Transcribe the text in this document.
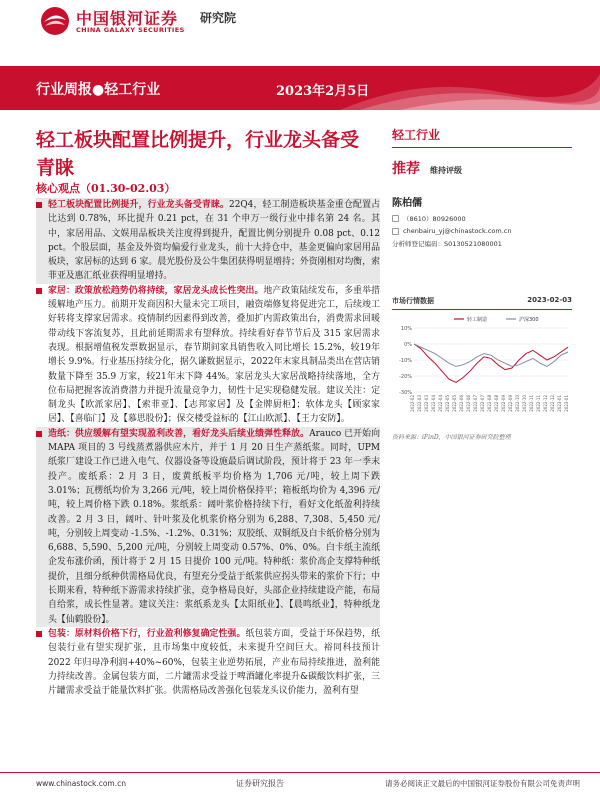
中国银河证券
CHINA GALAXY SECURITIES
研究院
行业周报●轻工行业	2023年2月5日
轻工板块配置比例提升，行业龙头备受青睐
核心观点（01.30-02.03）
轻工板块配置比例提升，行业龙头备受青睐。22Q4，轻工制造板块基金重仓配置占比达到 0.78%，环比提升 0.21 pct，在 31 个申万一级行业中排名第 24 名。其中，家居用品、文娱用品板块关注度得到提升，配置比例分别提升 0.08 pct、0.12 pct。个股层面，基金及外资均偏爱行业龙头，前十大持仓中，基金更偏向家居用品板块，家居标的达到 6 家。晨光股份及公牛集团获得明显增持；外资刚相对均衡，索菲亚及惠汇纸业获得明显增持。
家居：政策放松趋势仍将持续，家居龙头成长性突出。地产政策陆续发布，多重举措缓解地产压力。前期开发商因积大量未完工项目，融资端修复将促进完工，后续竣工好转将支撑家居需求。疫情制约因素得到改善，叠加扩内需政策出台，消费需求回暖带动线下客流复苏，且此前延期需求有望释放。持续看好春节节后及 315 家居需求表现。根据增值税发票数据显示，春节期间家具销售收入同比增长 15.2%，较19年增长 9.9%。行业基压持续分化，据久谦数据显示，2022年末家具制品类出在营店销数量下降至 35.9 万家，较21年末下降 44%。家居龙头大家居战略持续落地，全方位布局把握客流消费潜力并提升流量竞争力，韧性十足实现稳健发展。建议关注：定制龙头【欧派家居】、【索菲亚】、【志邦家居】及【金牌厨柜】；软体龙头【顾家家居】、【喜临门】及【慕思股份】；保交楼受益标的【江山欧派】、【王力安防】。
造纸：供应缓解有望实现盈利改善，看好龙头后续业绩弹性释放。Arauco 已开始向 MAPA 项目的 3 号线蒸煮器供应木片，并于 1 月 20 日生产蒸纸浆。同时，UPM 纸浆厂建设工作已进入电气、仪器设备等设施最后调试阶段，预计将于 23 年一季末投产。废纸系：2 月 3 日，废黄纸板平均价格为 1,706 元/吨，较上周下跌 3.01%；瓦楞纸均价为 3,266 元/吨，较上周价格保持平；箱板纸均价为 4,396 元/吨，较上周价格下跌 0.18%。浆纸系：阔叶浆价格持续下行，看好文化纸盈利持续改善。2 月 3 日，阔叶、针叶浆及化机浆价格分别为 6,288、7,308、5,450 元/吨，分别较上周变动 -1.5%、-1.2%、0.31%；双胶纸、双铜纸及白卡纸价格分别为 6,688、5,590、5,200 元/吨，分别较上周变动 0.57%、0%、0%。白卡纸主流纸企发布涨价函，预计将于 2 月 15 日提价 100 元/吨。特种纸：浆价高企支撑特种纸提价，且细分纸种供需格局优良，有望充分受益于纸浆供应拐头带来的浆价下行；中长期来看，特种纸下游需求持续扩张，竞争格局良好，头部企业持续建设产能，布局自给浆，成长性显著。建议关注：浆纸系龙头【太阳纸业】、【晨鸣纸业】，特种纸龙头【仙鹤股份】。
包装：原材料价格下行，行业盈利修复确定性强。纸包装方面，受益于环保趋势，纸包装行业有望实现扩张，且市场集中度较低，未来提升空间巨大。裕同科技预计 2022 年归母净利润+40%~60%，包装主业逆势拓展，产业布局持续推进，盈利能力持续改善。金属包装方面，二片罐需求受益于啤酒罐化率提升&碳酸饮料扩张，三片罐需求受益于能量饮料扩张。供需格局改善强化包装龙头议价能力，盈利有望
轻工行业
推荐 维持评级
陈柏儒
（8610）80926000
chenbairu_yj@chinastock.com.cn
分析师登记编码：S0130521080001
市场行情数据	2023-02-03
10%
0%
-10%
-20%
-30%
2022-02 2022-03 2022-03 2022-04 2022-04 2022-05 2022-05 2022-06 2022-06 2022-07 2022-07 2022-08 2022-08 2022-09 2022-09 2022-10 2022-10 2022-11 2022-11 2022-12 2022-12 2023-01 2023-01
轻工制造	沪深300
资料来源：iFinD，中国银河证券研究院整理
www.chinastock.com.cn	证券研究报告	请务必阅读正文最后的中国银河证券股份有限公司免责声明
